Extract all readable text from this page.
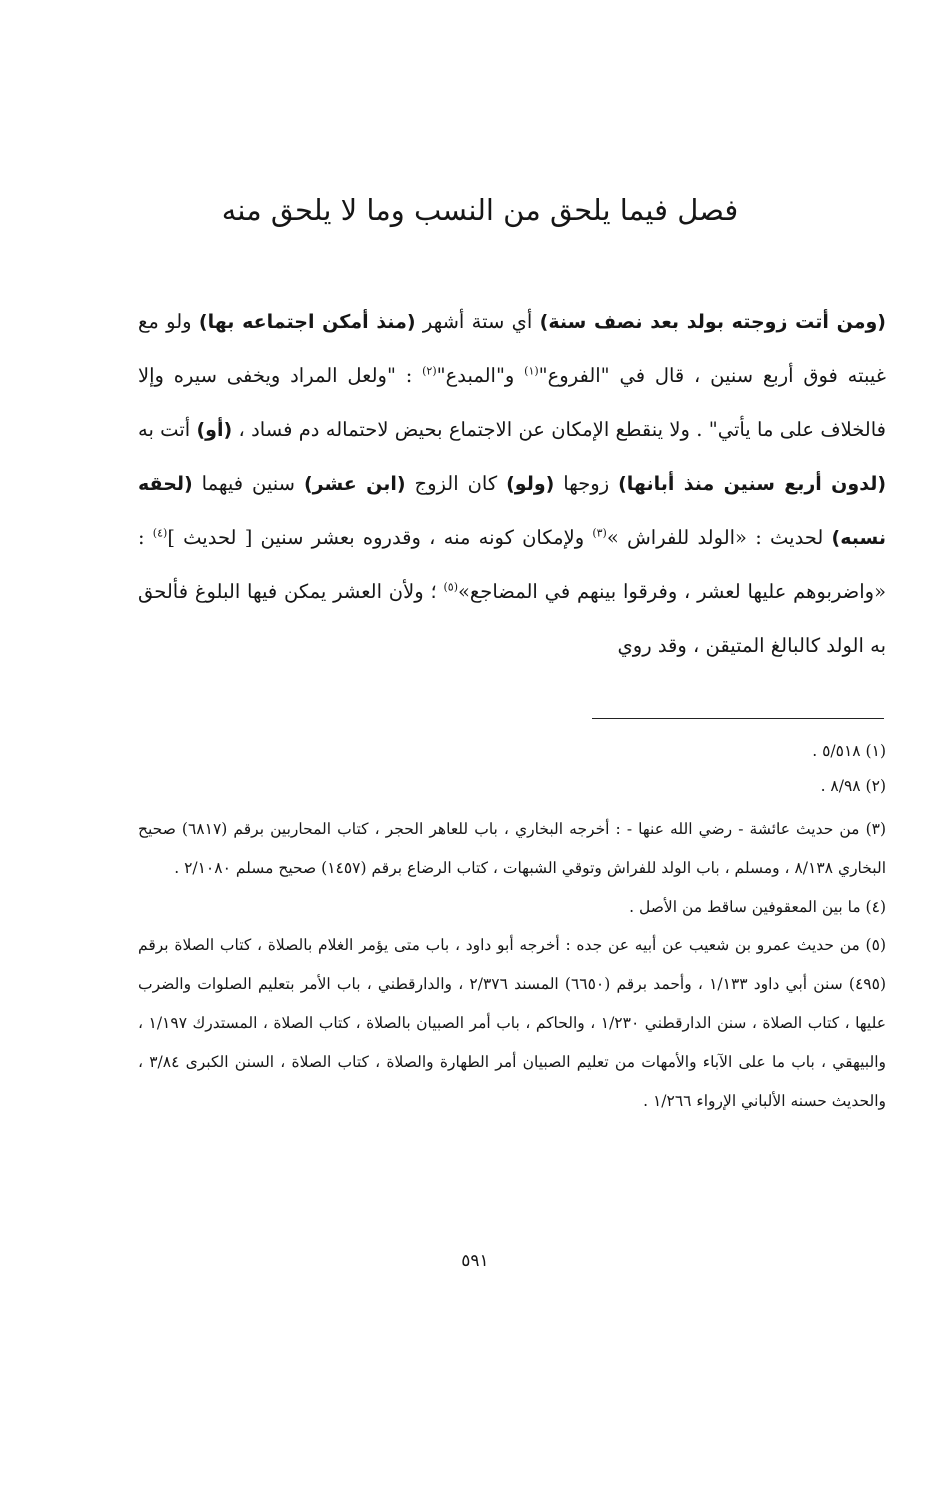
فصل فيما يلحق من النسب وما لا يلحق منه

(ومن أتت زوجته بولد بعد نصف سنة) أي ستة أشهر (منذ أمكن اجتماعه بها) ولو مع غيبته فوق أربع سنين ، قال في "الفروع"$^{(١)}$ و"المبدع"$^{(٢)}$ : "ولعل المراد ويخفى سيره وإلا فالخلاف على ما يأتي" . ولا ينقطع الإمكان عن الاجتماع بحيض لاحتماله دم فساد ، (أو) أتت به (لدون أربع سنين منذ أبانها) زوجها (ولو) كان الزوج (ابن عشر) سنين فيهما (لحقه نسبه) لحديث : «الولد للفراش »$^{(٣)}$ ولإمكان كونه منه ، وقدروه بعشر سنين [ لحديث ]$^{(٤)}$ : «واضربوهم عليها لعشر ، وفرقوا بينهم في المضاجع»$^{(٥)}$ ؛ ولأن العشر يمكن فيها البلوغ فألحق به الولد كالبالغ المتيقن ، وقد روي

(١) ٥/٥١٨ .
(٢) ٨/٩٨ .
(٣) من حديث عائشة - رضي الله عنها - : أخرجه البخاري ، باب للعاهر الحجر ، كتاب المحاربين برقم (٦٨١٧) صحيح البخاري ٨/١٣٨ ، ومسلم ، باب الولد للفراش وتوقي الشبهات ، كتاب الرضاع برقم (١٤٥٧) صحيح مسلم ٢/١٠٨٠ .
(٤) ما بين المعقوفين ساقط من الأصل .
(٥) من حديث عمرو بن شعيب عن أبيه عن جده : أخرجه أبو داود ، باب متى يؤمر الغلام بالصلاة ، كتاب الصلاة برقم (٤٩٥) سنن أبي داود ١/١٣٣ ، وأحمد برقم (٦٦٥٠) المسند ٢/٣٧٦ ، والدارقطني ، باب الأمر بتعليم الصلوات والضرب عليها ، كتاب الصلاة ، سنن الدارقطني ١/٢٣٠ ، والحاكم ، باب أمر الصبيان بالصلاة ، كتاب الصلاة ، المستدرك ١/١٩٧ ، والبيهقي ، باب ما على الآباء والأمهات من تعليم الصبيان أمر الطهارة والصلاة ، كتاب الصلاة ، السنن الكبرى ٣/٨٤ ، والحديث حسنه الألباني الإرواء ١/٢٦٦ .
٥٩١
